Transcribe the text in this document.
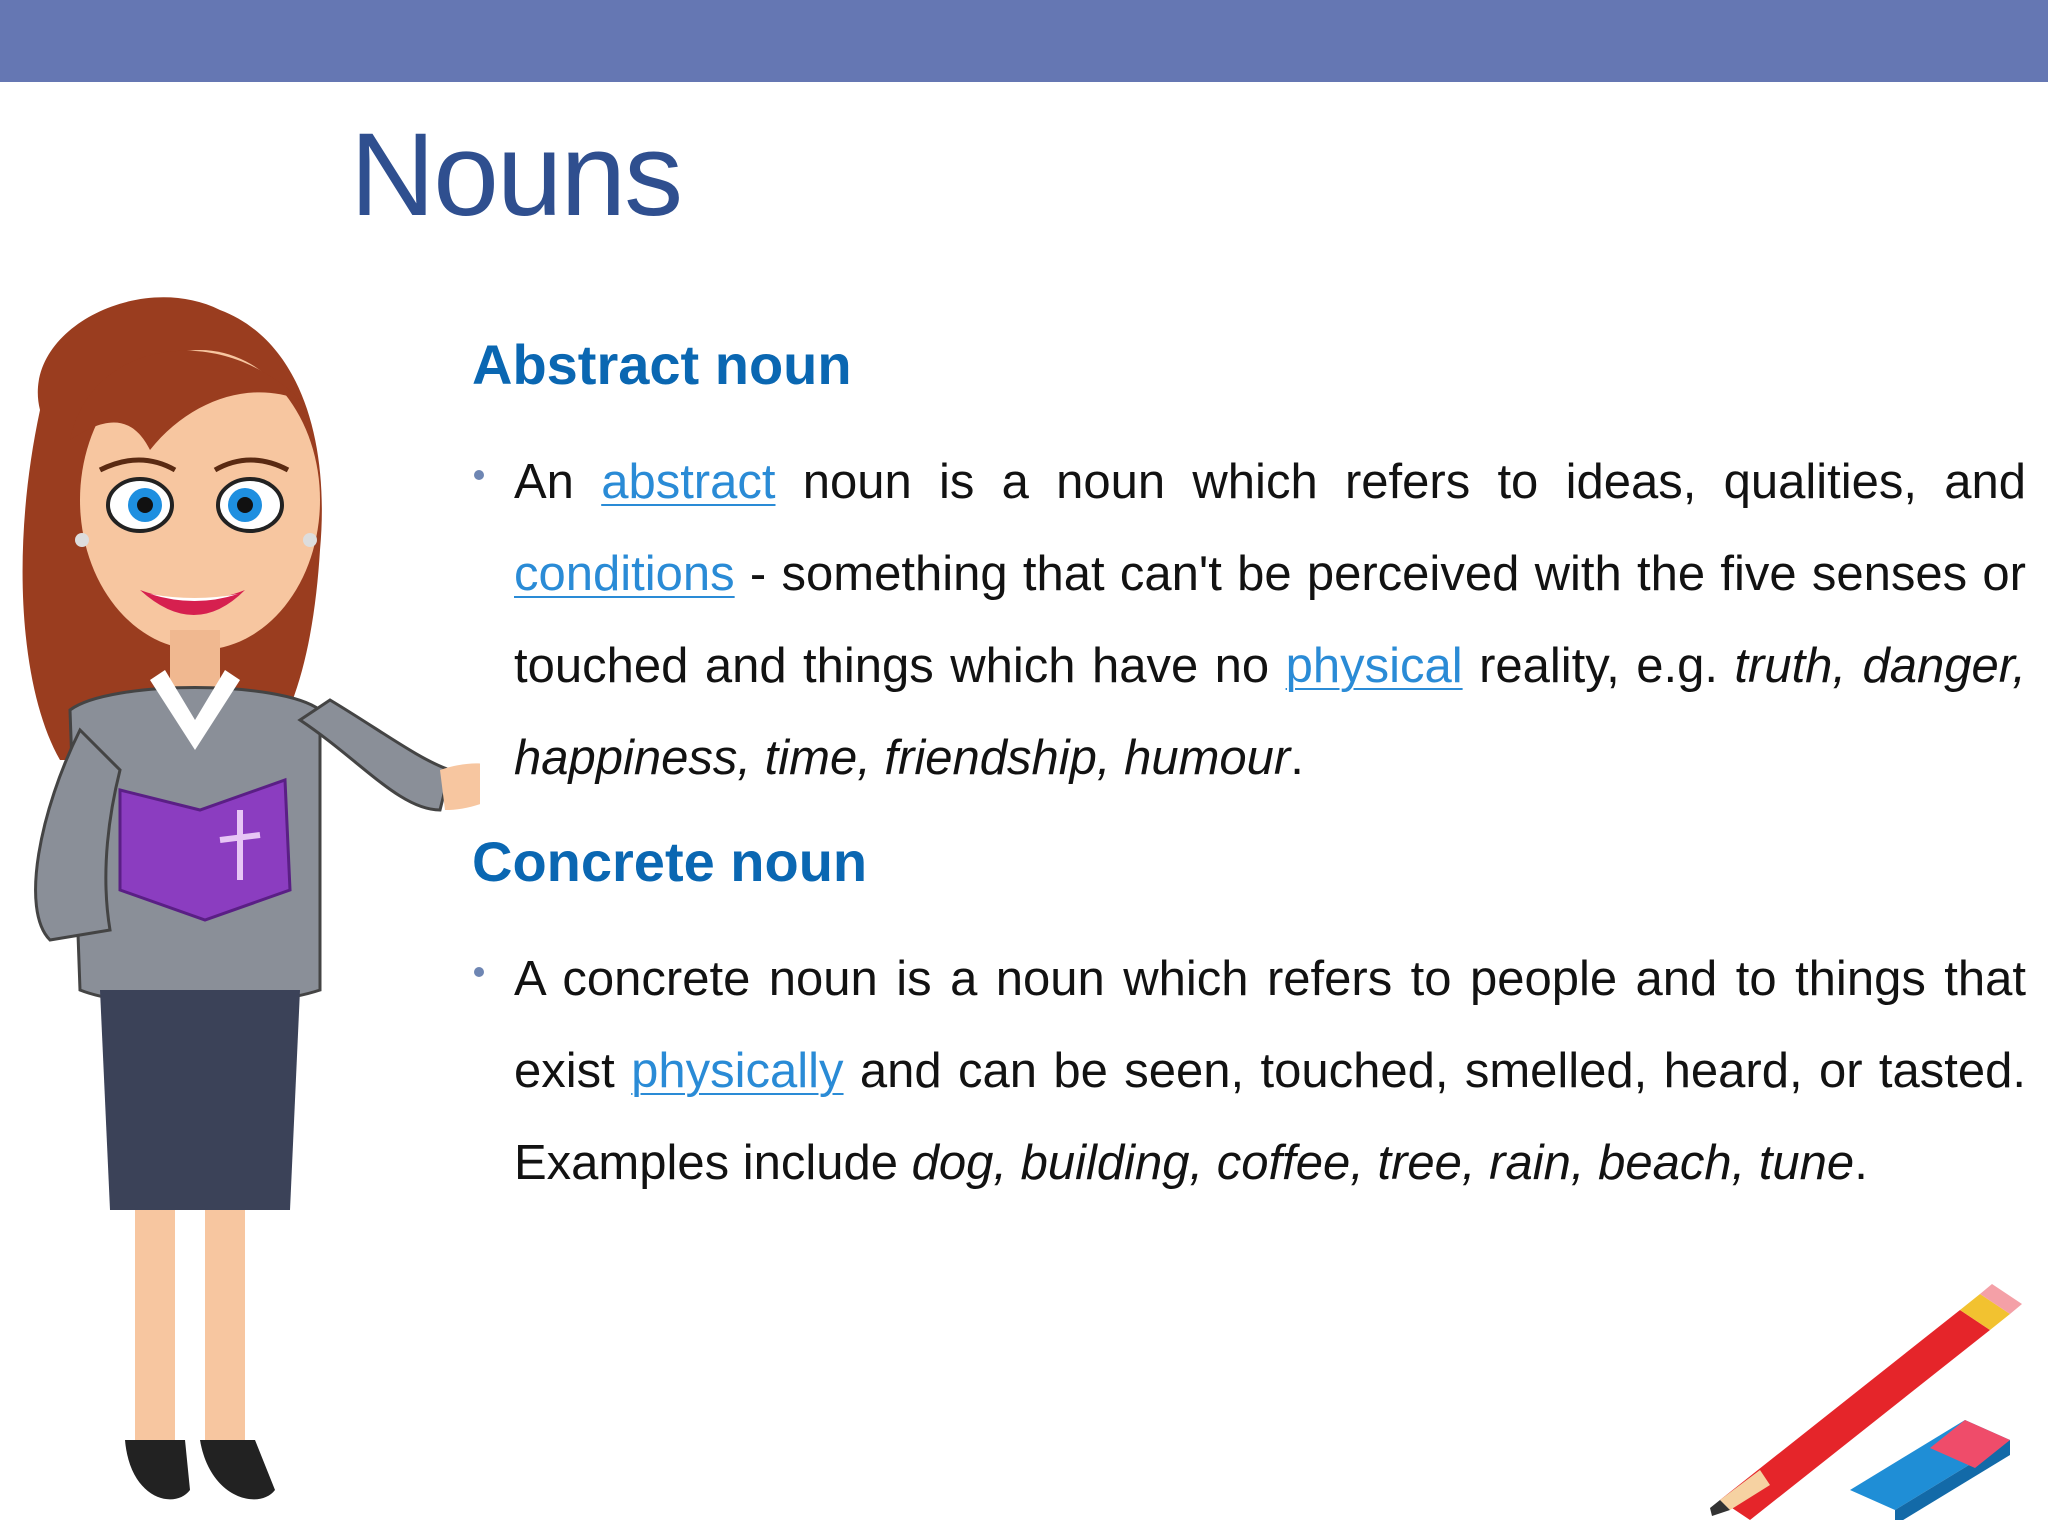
Nouns
Abstract noun
An abstract noun is a noun which refers to ideas, qualities, and conditions - something that can't be perceived with the five senses or touched and things which have no physical reality, e.g. truth, danger, happiness, time, friendship, humour.
Concrete noun
A concrete noun is a noun which refers to people and to things that exist physically and can be seen, touched, smelled, heard, or tasted. Examples include dog, building, coffee, tree, rain, beach, tune.
